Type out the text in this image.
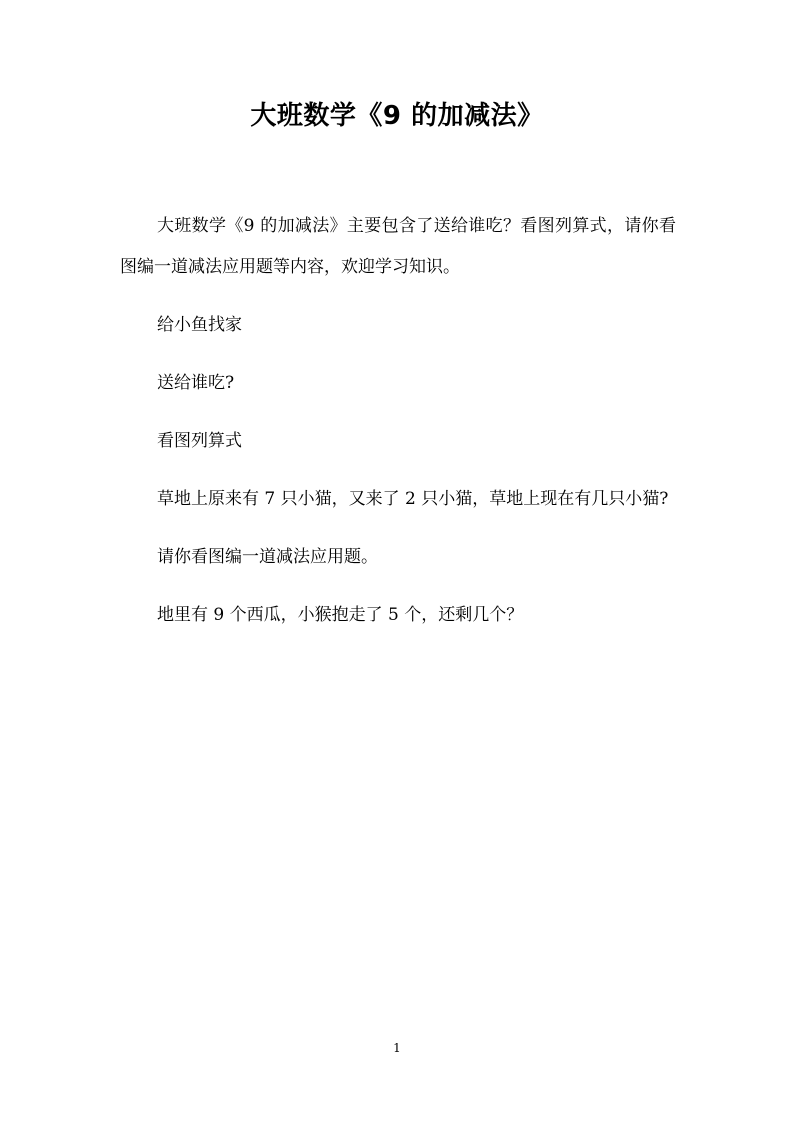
大班数学《9 的加减法》

大班数学《9 的加减法》主要包含了送给谁吃？看图列算式，请你看图编一道减法应用题等内容，欢迎学习知识。

给小鱼找家

送给谁吃?

看图列算式

草地上原来有 7 只小猫，又来了 2 只小猫，草地上现在有几只小猫?

请你看图编一道减法应用题。

地里有 9 个西瓜，小猴抱走了 5 个，还剩几个？

1
